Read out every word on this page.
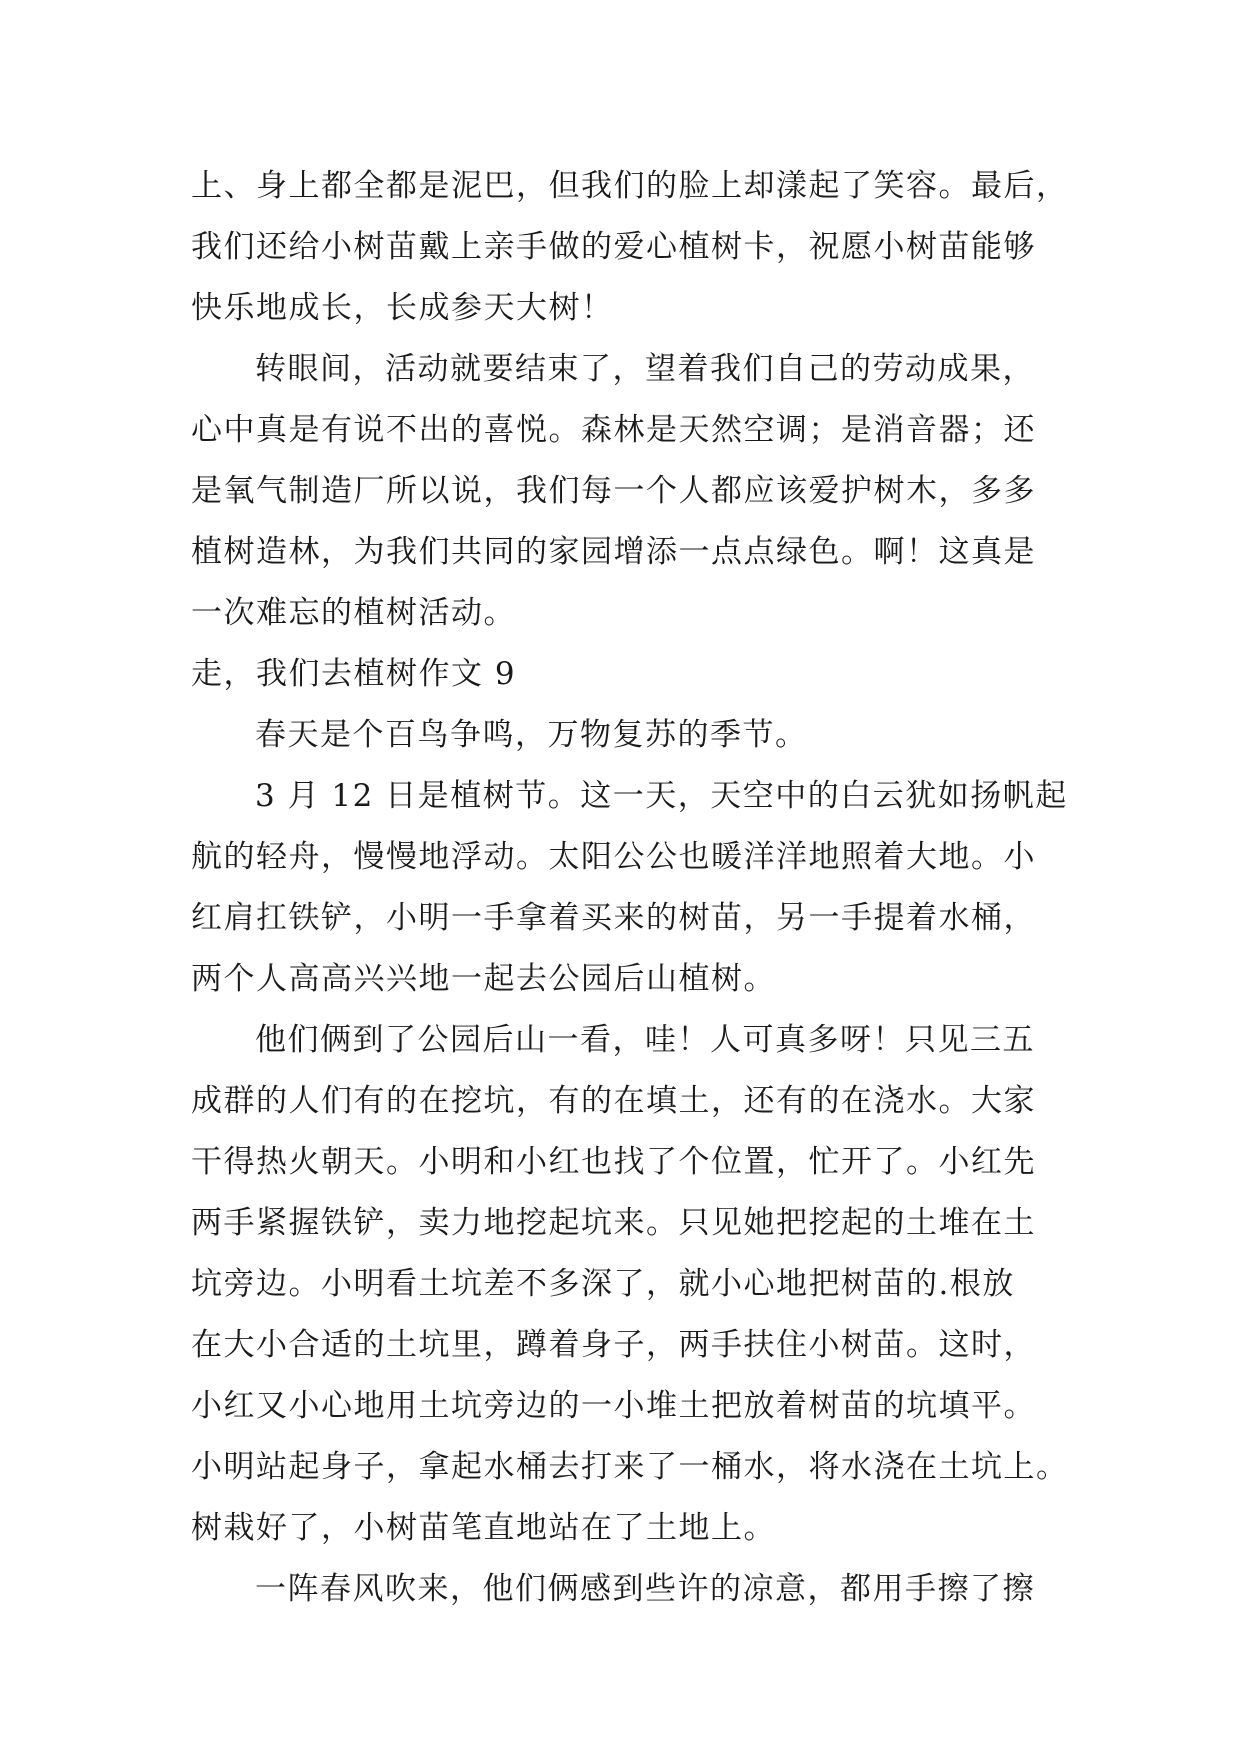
上、身上都全都是泥巴，但我们的脸上却漾起了笑容。最后，
我们还给小树苗戴上亲手做的爱心植树卡，祝愿小树苗能够
快乐地成长，长成参天大树！
转眼间，活动就要结束了，望着我们自己的劳动成果，
心中真是有说不出的喜悦。森林是天然空调；是消音器；还
是氧气制造厂所以说，我们每一个人都应该爱护树木，多多
植树造林，为我们共同的家园增添一点点绿色。啊！这真是
一次难忘的植树活动。
走，我们去植树作文 9
春天是个百鸟争鸣，万物复苏的季节。
3 月 12 日是植树节。这一天，天空中的白云犹如扬帆起
航的轻舟，慢慢地浮动。太阳公公也暖洋洋地照着大地。小
红肩扛铁铲，小明一手拿着买来的树苗，另一手提着水桶，
两个人高高兴兴地一起去公园后山植树。
他们俩到了公园后山一看，哇！人可真多呀！只见三五
成群的人们有的在挖坑，有的在填土，还有的在浇水。大家
干得热火朝天。小明和小红也找了个位置，忙开了。小红先
两手紧握铁铲，卖力地挖起坑来。只见她把挖起的土堆在土
坑旁边。小明看土坑差不多深了，就小心地把树苗的.根放
在大小合适的土坑里，蹲着身子，两手扶住小树苗。这时，
小红又小心地用土坑旁边的一小堆土把放着树苗的坑填平。
小明站起身子，拿起水桶去打来了一桶水，将水浇在土坑上。
树栽好了，小树苗笔直地站在了土地上。
一阵春风吹来，他们俩感到些许的凉意，都用手擦了擦
